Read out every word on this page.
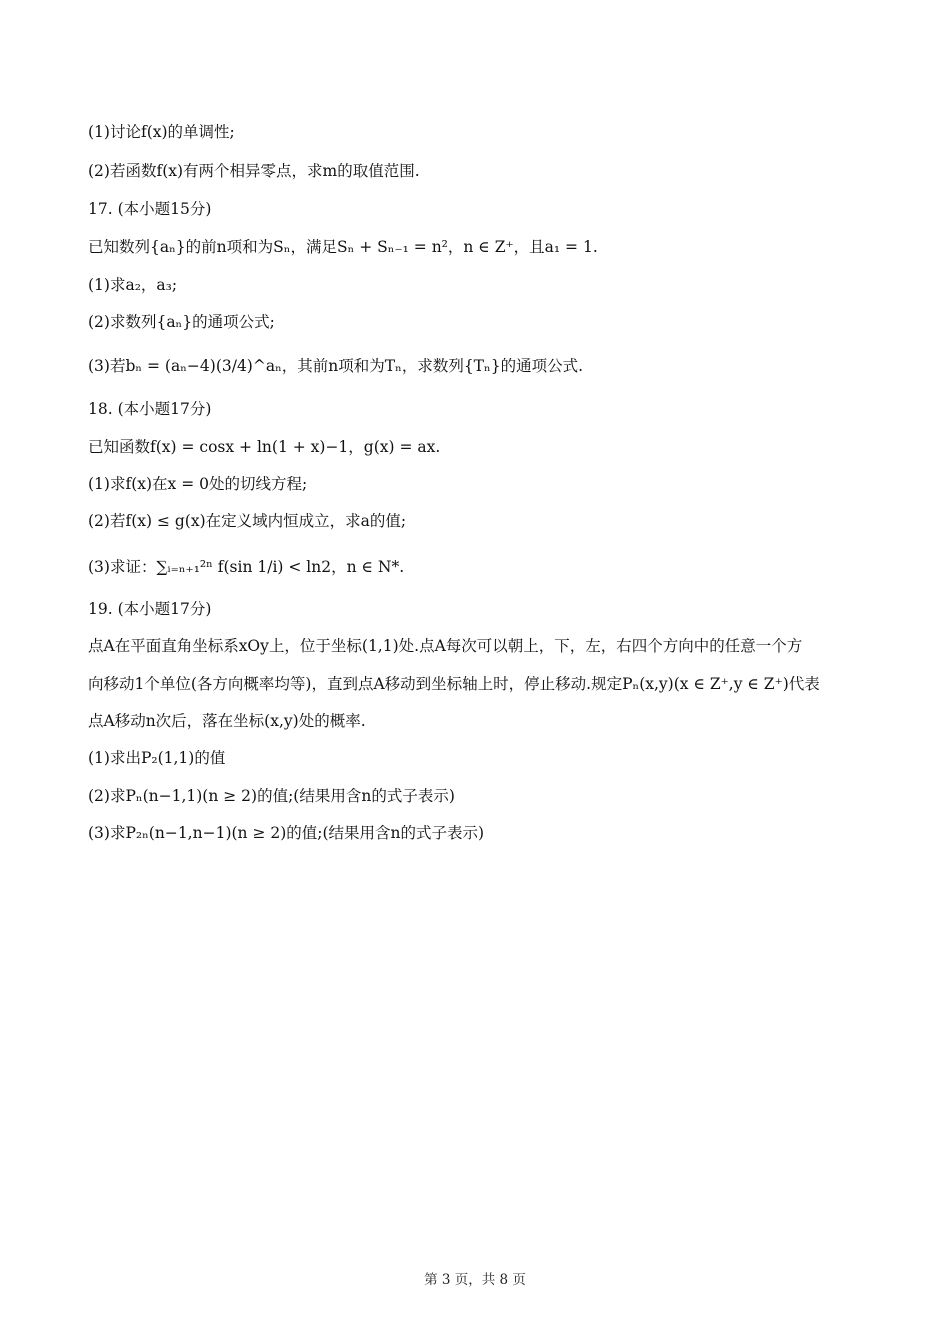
(1)讨论f(x)的单调性;
(2)若函数f(x)有两个相异零点，求m的取值范围.
17. (本小题15分)
已知数列{aₙ}的前n项和为Sₙ，满足Sₙ + Sₙ₋₁ = n²，n ∈ Z⁺，且a₁ = 1.
(1)求a₂，a₃;
(2)求数列{aₙ}的通项公式;
(3)若bₙ = (aₙ−4)(3/4)^aₙ，其前n项和为Tₙ，求数列{Tₙ}的通项公式.
18. (本小题17分)
已知函数f(x) = cosx + ln(1 + x)−1，g(x) = ax.
(1)求f(x)在x = 0处的切线方程;
(2)若f(x) ≤ g(x)在定义域内恒成立，求a的值;
(3)求证：∑ᵢ₌ₙ₊₁²ⁿ f(sin 1/i) < ln2，n ∈ N*.
19. (本小题17分)
点A在平面直角坐标系xOy上，位于坐标(1,1)处.点A每次可以朝上，下，左，右四个方向中的任意一个方
向移动1个单位(各方向概率均等)，直到点A移动到坐标轴上时，停止移动.规定Pₙ(x,y)(x ∈ Z⁺,y ∈ Z⁺)代表
点A移动n次后，落在坐标(x,y)处的概率.
(1)求出P₂(1,1)的值
(2)求Pₙ(n−1,1)(n ≥ 2)的值;(结果用含n的式子表示)
(3)求P₂ₙ(n−1,n−1)(n ≥ 2)的值;(结果用含n的式子表示)
第 3 页，共 8 页
